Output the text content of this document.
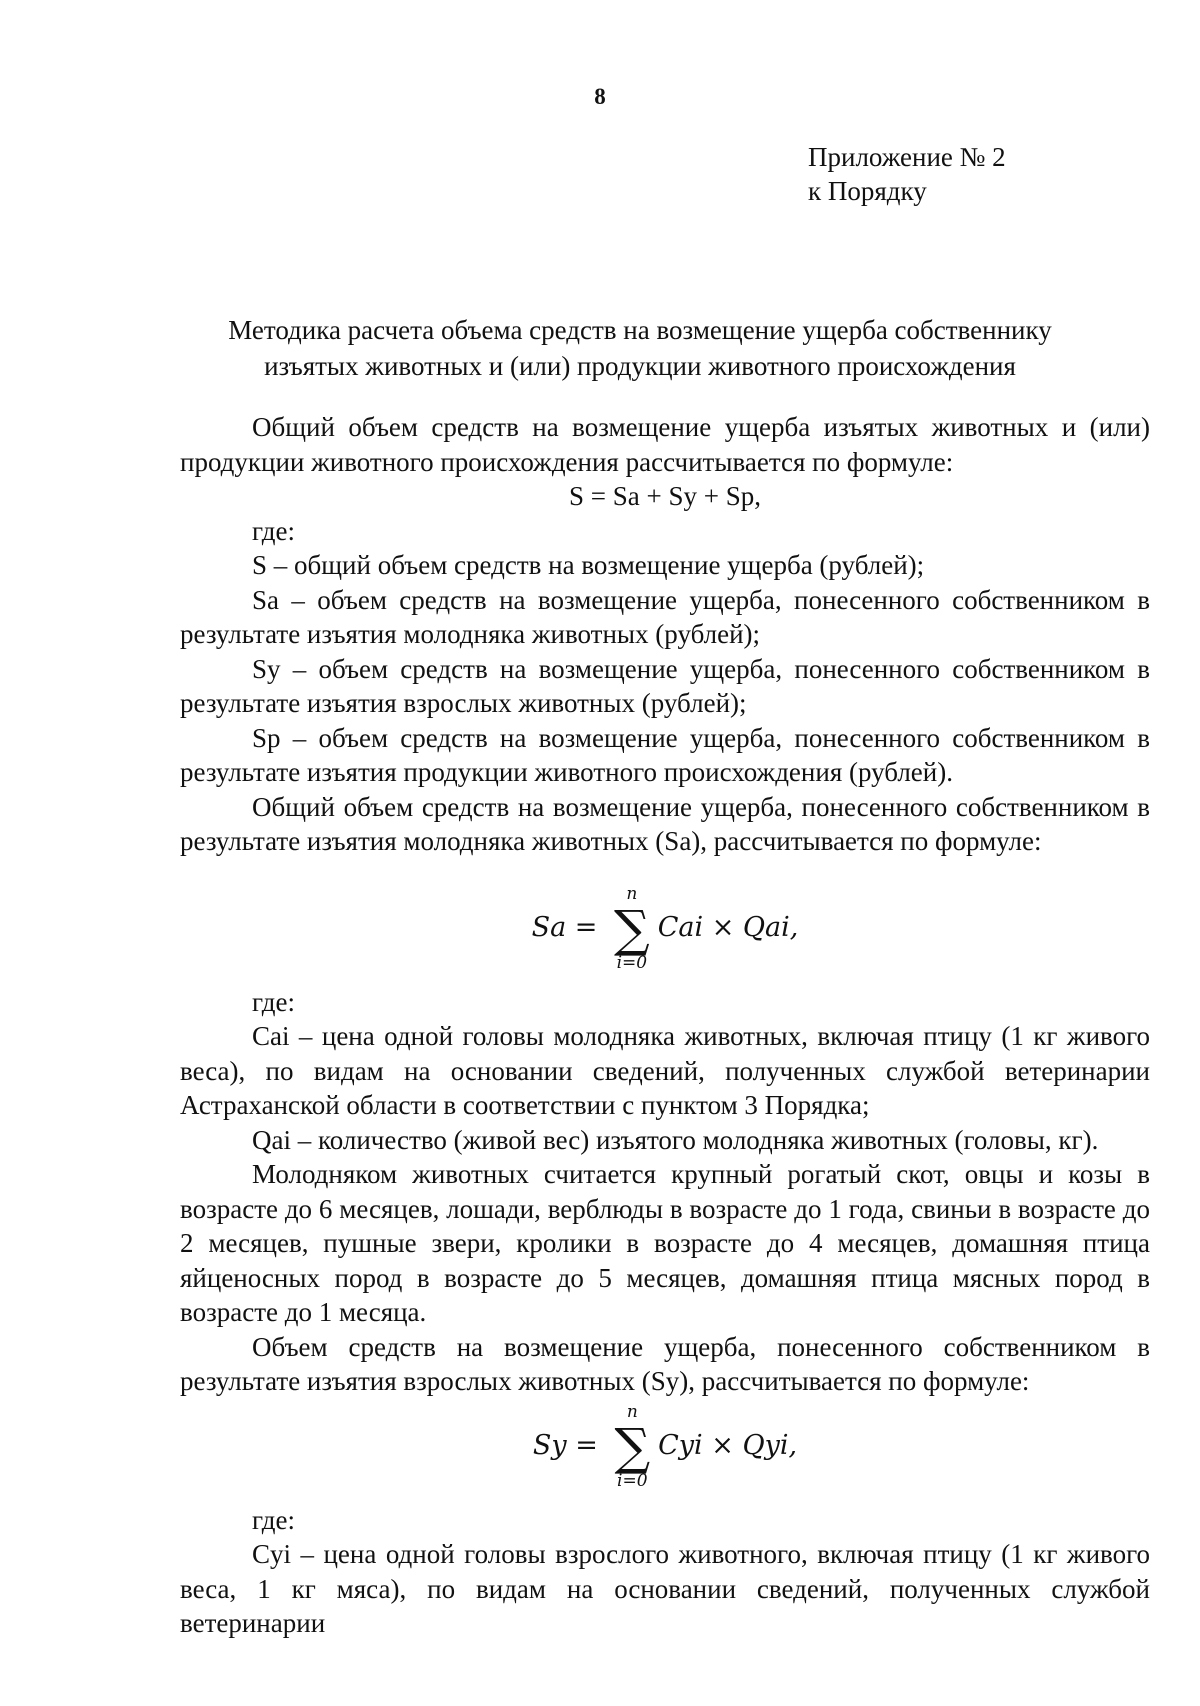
8
Приложение № 2
к Порядку
Методика расчета объема средств на возмещение ущерба собственнику изъятых животных и (или) продукции животного происхождения

Общий объем средств на возмещение ущерба изъятых животных и (или) продукции животного происхождения рассчитывается по формуле:

S = Sa + Sy + Sp,

где:

S – общий объем средств на возмещение ущерба (рублей);

Sa – объем средств на возмещение ущерба, понесенного собственником в результате изъятия молодняка животных (рублей);

Sy – объем средств на возмещение ущерба, понесенного собственником в результате изъятия взрослых животных (рублей);

Sp – объем средств на возмещение ущерба, понесенного собственником в результате изъятия продукции животного происхождения (рублей).

Общий объем средств на возмещение ущерба, понесенного собственником в результате изъятия молодняка животных (Sa), рассчитывается по формуле:

Sa =
n
∑
i=0
Cai × Qai,

где:

Cai – цена одной головы молодняка животных, включая птицу (1 кг живого веса), по видам на основании сведений, полученных службой ветеринарии Астраханской области в соответствии с пунктом 3 Порядка;

Qai – количество (живой вес) изъятого молодняка животных (головы, кг).

Молодняком животных считается крупный рогатый скот, овцы и козы в возрасте до 6 месяцев, лошади, верблюды в возрасте до 1 года, свиньи в возрасте до 2 месяцев, пушные звери, кролики в возрасте до 4 месяцев, домашняя птица яйценосных пород в возрасте до 5 месяцев, домашняя птица мясных пород в возрасте до 1 месяца.

Объем средств на возмещение ущерба, понесенного собственником в результате изъятия взрослых животных (Sy), рассчитывается по формуле:

Sy =
n
∑
i=0
Cyi × Qyi,

где:

Cyi – цена одной головы взрослого животного, включая птицу (1 кг живого веса, 1 кг мяса), по видам на основании сведений, полученных службой ветеринарии
